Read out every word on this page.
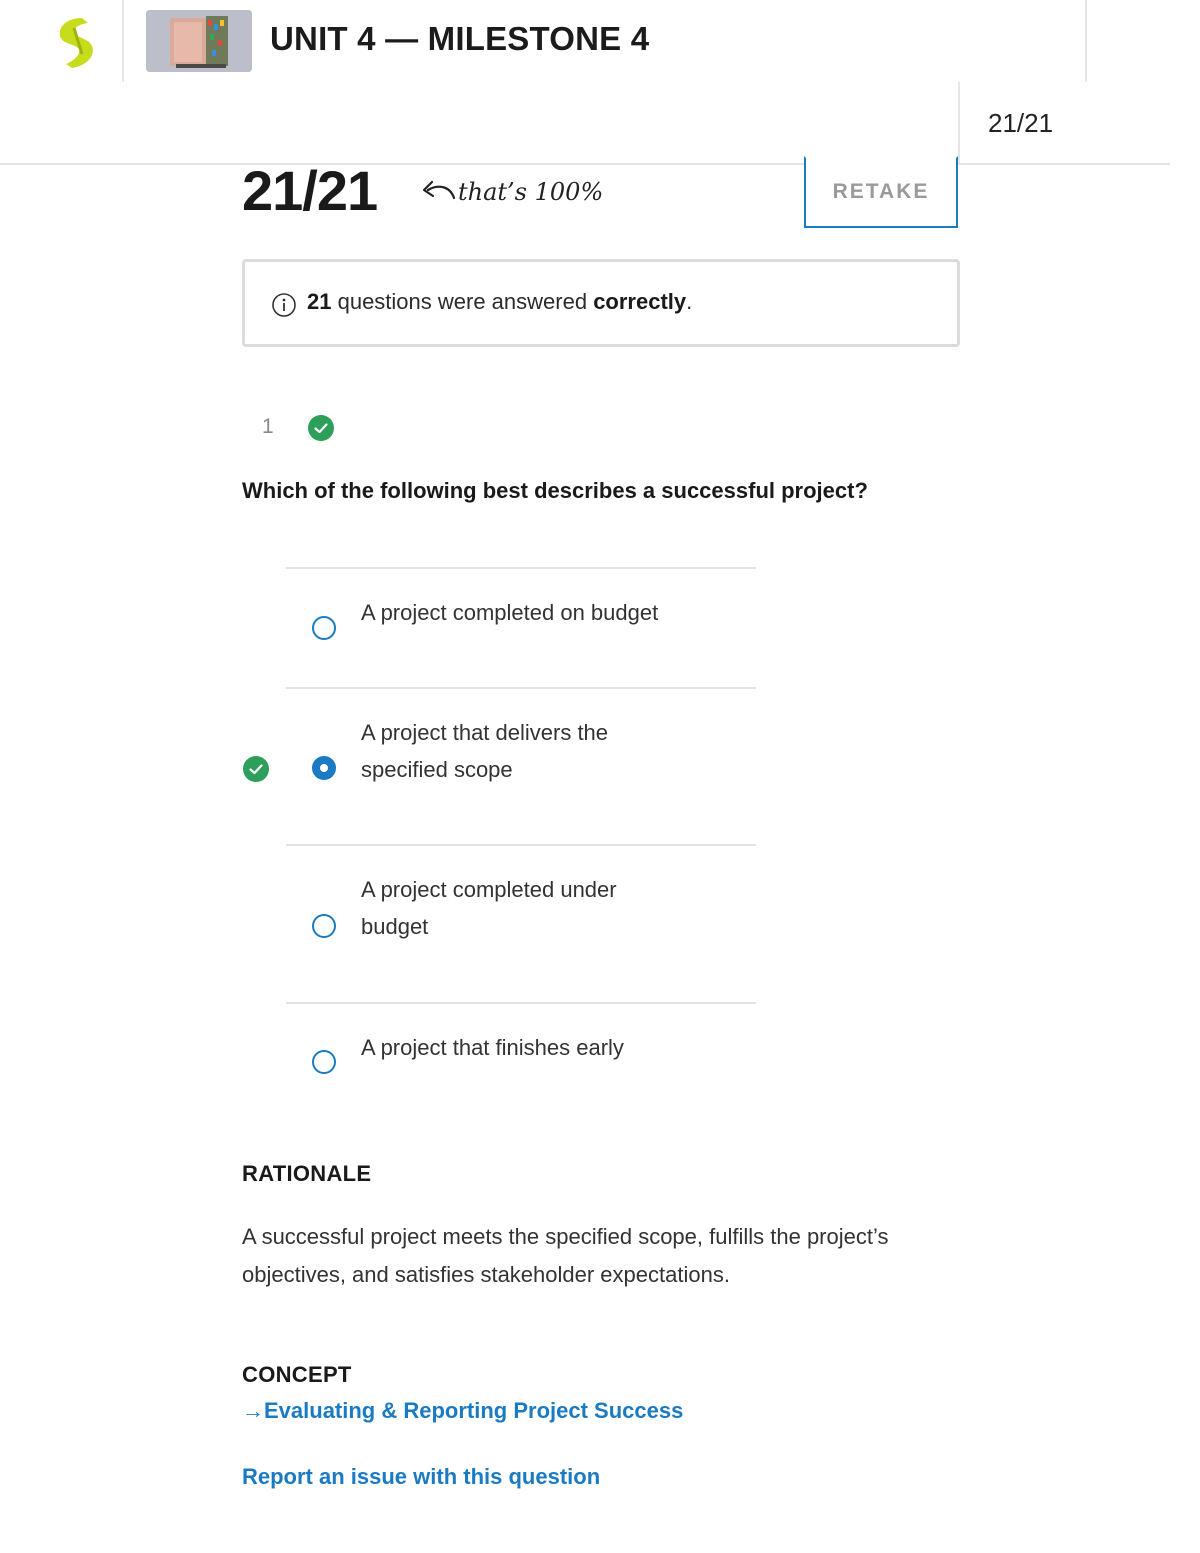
UNIT 4 — MILESTONE 4
21/21
21/21	that’s 100%	RETAKE
21 questions were answered correctly.
1
Which of the following best describes a successful project?
A project completed on budget
A project that delivers the specified scope
A project completed under budget
A project that finishes early
RATIONALE
A successful project meets the specified scope, fulfills the project’s objectives, and satisfies stakeholder expectations.
CONCEPT
→Evaluating & Reporting Project Success
Report an issue with this question
